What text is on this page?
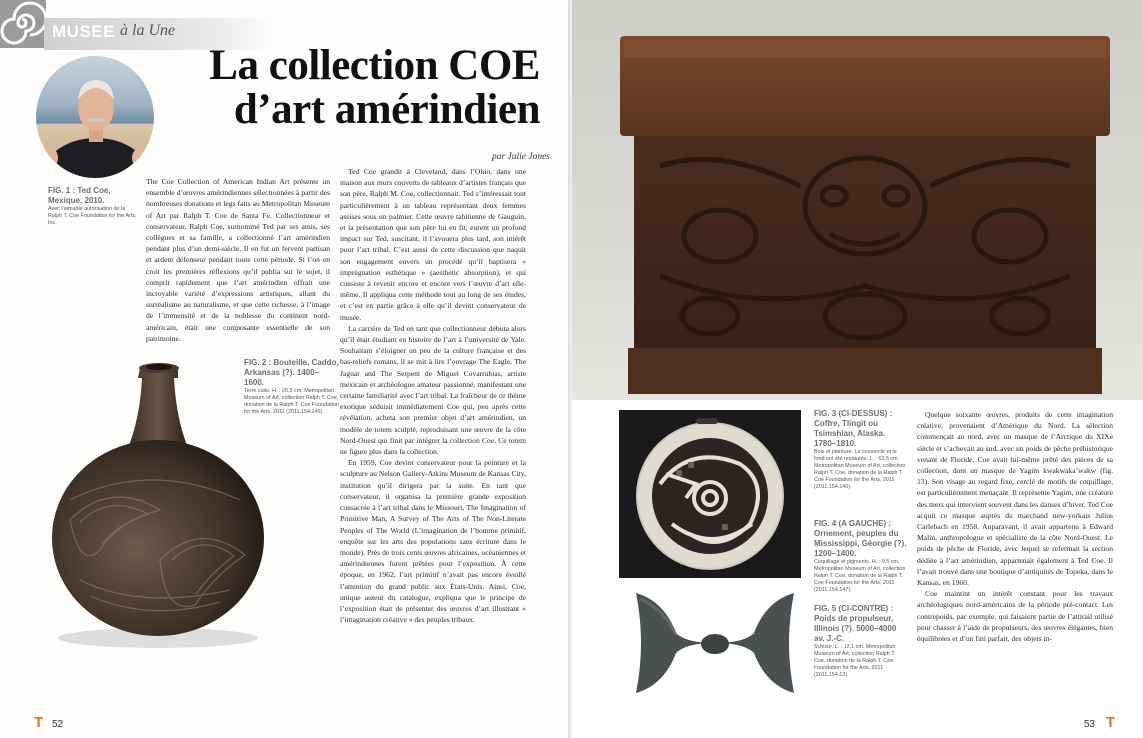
MUSEE à la Une
La collection COE
d’art amérindien
par Julie Jones
FIG. 1 : Ted Coe, Mexique, 2010.
Avec l’aimable autorisation de la Ralph T. Coe Foundation for the Arts, Inc.

The Coe Collection of American Indian Art présente un ensemble d’œuvres amérindiennes sélectionnées à partir des nombreuses donations et legs faits au Metropolitan Museum of Art par Ralph T. Coe de Santa Fe. Collectionneur et conservateur, Ralph Coe, surnommé Ted par ses amis, ses collègues et sa famille, a collectionné l’art amérindien pendant plus d’un demi-siècle. Il en fut un fervent partisan et ardent défenseur pendant toute cette période. Si l’on en croit les premières réflexions qu’il publia sur le sujet, il comprit rapidement que l’art amérindien offrait une incroyable variété d’expressions artistiques, allant du surréalisme au naturalisme, et que cette richesse, à l’image de l’immensité et de la noblesse du continent nord-américain, était une composante essentielle de son patrimoine.

Ted Coe grandit à Cleveland, dans l’Ohio, dans une maison aux murs couverts de tableaux d’artistes français que son père, Ralph M. Coe, collectionnait. Ted s’intéressait tout particulièrement à un tableau représentant deux femmes assises sous un palmier. Cette œuvre tahitienne de Gauguin, et la présentation que son père lui en fit, eurent un profond impact sur Ted, suscitant, il l’avouera plus tard, son intérêt pour l’art tribal. C’est aussi de cette discussion que naquit son engagement envers un procédé qu’il baptisera « imprégnation esthétique » (aesthetic absorption), et qui consiste à revenir encore et encore vers l’œuvre d’art elle-même. Il appliqua cette méthode tout au long de ses études, et c’est en partie grâce à elle qu’il devint conservateur de musée.

La carrière de Ted en tant que collectionneur débuta alors qu’il était étudiant en histoire de l’art à l’université de Yale. Souhaitant s’éloigner un peu de la culture française et des bas-reliefs romans, il se mit à lire l’ouvrage The Eagle, The Jaguar and The Serpent de Miguel Covarrubias, artiste mexicain et archéologue amateur passionné, manifestant une certaine familiarité avec l’art tribal. La fraîcheur de ce thème exotique séduisit immédiatement Coe qui, peu après cette révélation, acheta son premier objet d’art amérindien, un modèle de totem sculpté, reproduisant une œuvre de la côte Nord-Ouest qui finit par intégrer la collection Coe. Ce totem ne figure plus dans la collection.

En 1959, Coe devint conservateur pour la peinture et la sculpture au Nelson Gallery-Atkins Museum de Kansas City, institution qu’il dirigera par la suite. En tant que conservateur, il organisa la première grande exposition consacrée à l’art tribal dans le Missouri, The Imagination of Primitive Man, A Survey of The Arts of The Non-Literate Peoples of The World (L’imagination de l’homme primitif, enquête sur les arts des populations sans écriture dans le monde). Près de trois cents œuvres africaines, océaniennes et amérindiennes furent prêtées pour l’exposition. À cette époque, en 1962, l’art primitif n’avait pas encore éveillé l’attention du grand public aux États-Unis. Ainsi, Coe, unique auteur du catalogue, expliqua que le principe de l’exposition était de présenter des œuvres d’art illustrant « l’imagination créative » des peuples tribaux.

FIG. 2 : Bouteille, Caddo, Arkansas (?). 1400–1600.
Terre cuite. H. : 20,3 cm. Metropolitan Museum of Art, collection Ralph T. Coe, donation de la Ralph T. Coe Foundation for the Arts, 2011 (2011.154.145).
T 52
FIG. 3 (CI-DESSUS) : Coffre, Tlingit ou Tsimshian, Alaska. 1780–1810.
Bois et peinture. Le couvercle et le fond ont été restaurés. L. : 63,5 cm. Metropolitan Museum of Art, collection Ralph T. Coe, donation de la Ralph T. Coe Foundation for the Arts, 2011 (2011.154.140).
FIG. 4 (A GAUCHE) : Ornement, peuples du Mississippi, Géorgie (?). 1200–1400.
Coquillage et pigments. H. : 9,5 cm. Metropolitan Museum of Art, collection Ralph T. Coe, donation de la Ralph T. Coe Foundation for the Arts, 2011 (2011.154.147).
FIG. 5 (CI-CONTRE) : Poids de propulseur, Illinois (?). 5000–4000 av. J.-C.
Schiste. L. : 12,1 cm. Metropolitan Museum of Art, collection Ralph T. Coe, donation de la Ralph T. Coe Foundation for the Arts, 2011 (2011.154.13).

Quelque soixante œuvres, produits de cette imagination créative, provenaient d’Amérique du Nord. La sélection commençait au nord, avec un masque de l’Arctique du XIXe siècle et s’achevait au sud, avec un poids de pêche préhistorique venant de Floride. Coe avait lui-même prêté des pièces de sa collection, dont un masque de Yagim kwakwaka’wakw (fig. 13). Son visage au regard fixe, cerclé de motifs de coquillage, est particulièrement menaçant. Il représente Yagim, une créature des mers qui intervient souvent dans les danses d’hiver. Ted Coe acquit ce masque auprès du marchand new-yorkais Julius Carlebach en 1958. Auparavant, il avait appartenu à Edward Malin, anthropologue et spécialiste de la côte Nord-Ouest. Le poids de pêche de Floride, avec lequel se refermait la section dédiée à l’art amérindien, appartenait également à Ted Coe. Il l’avait trouvé dans une boutique d’antiquités de Topeka, dans le Kansas, en 1960.

Coe maintint un intérêt constant pour les travaux archéologiques nord-américains de la période pré-contact. Les contrepoids, par exemple, qui faisaient partie de l’attirail utilisé pour chasser à l’aide de propulseurs, des œuvres élégantes, bien équilibrées et d’un fini parfait, des objets in-

53 T
